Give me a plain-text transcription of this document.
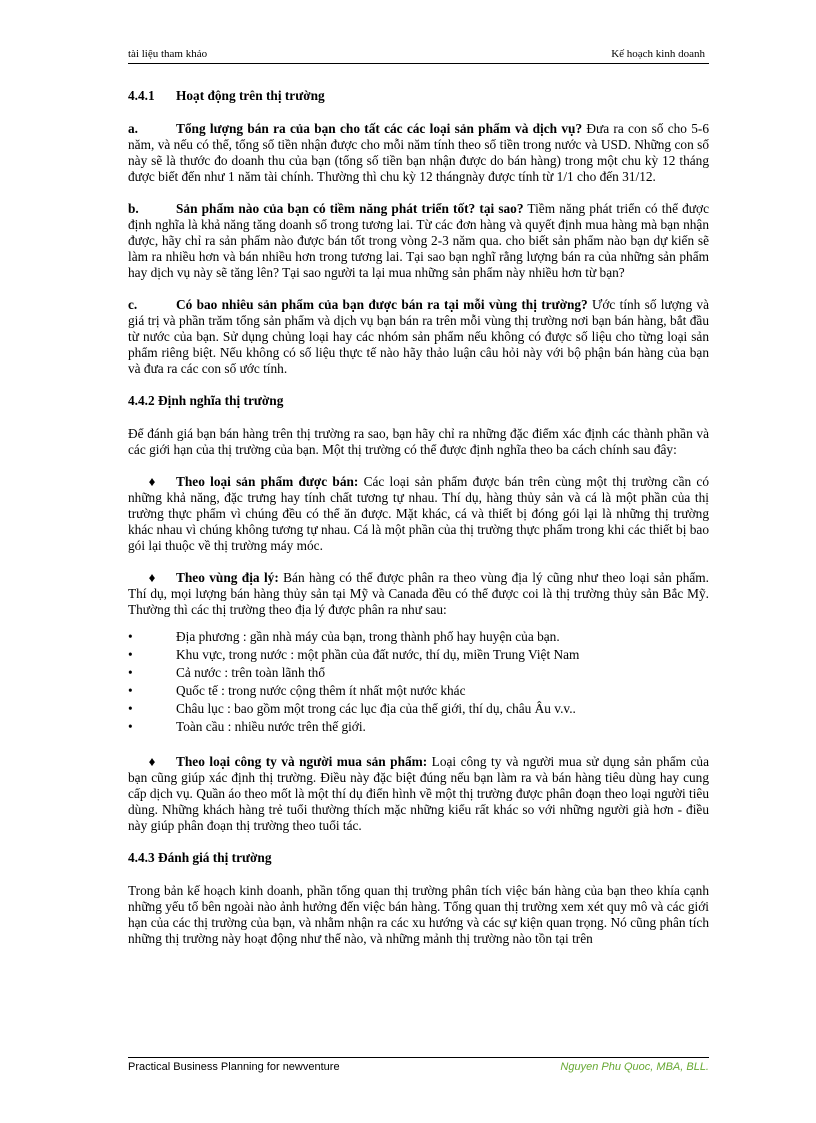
tài liệu tham khảo	Kế hoạch kinh doanh
4.4.1 Hoạt động trên thị trường

a.	Tổng lượng bán ra của bạn cho tất các các loại sản phẩm và dịch vụ? Đưa ra con số cho 5-6 năm, và nếu có thể, tổng số tiền nhận được cho mỗi năm tính theo số tiền trong nước và USD. Những con số này sẽ là thước đo doanh thu của bạn (tổng số tiền bạn nhận được do bán hàng) trong một chu kỳ 12 tháng được biết đến như 1 năm tài chính. Thường thì chu kỳ 12 thángnày được tính từ 1/1 cho đến 31/12.

b.	Sản phẩm nào của bạn có tiềm năng phát triển tốt? tại sao? Tiềm năng phát triển có thể được định nghĩa là khả năng tăng doanh số trong tương lai. Từ các đơn hàng và quyết định mua hàng mà bạn nhận được, hãy chỉ ra sản phẩm nào được bán tốt trong vòng 2-3 năm qua. cho biết sản phẩm nào bạn dự kiến sẽ làm ra nhiều hơn và bán nhiều hơn trong tương lai. Tại sao bạn nghĩ rằng lượng bán ra của những sản phẩm hay dịch vụ này sẽ tăng lên? Tại sao người ta lại mua những sản phẩm này nhiều hơn từ bạn?

c.	Có bao nhiêu sản phẩm của bạn được bán ra tại mỗi vùng thị trường? Ước tính số lượng và giá trị và phần trăm tổng sản phẩm và dịch vụ bạn bán ra trên mỗi vùng thị trường nơi bạn bán hàng, bắt đầu từ nước của bạn. Sử dụng chủng loại hay các nhóm sản phẩm nếu không có được số liệu cho từng loại sản phẩm riêng biệt. Nếu không có số liệu thực tế nào hãy thảo luận câu hỏi này với bộ phận bán hàng của bạn và đưa ra các con số ước tính.

4.4.2 Định nghĩa thị trường

Để đánh giá bạn bán hàng trên thị trường ra sao, bạn hãy chỉ ra những đặc điểm xác định các thành phần và các giới hạn của thị trường của bạn. Một thị trường có thể được định nghĩa theo ba cách chính sau đây:

♦ Theo loại sản phẩm được bán: Các loại sản phẩm được bán trên cùng một thị trường cần có những khả năng, đặc trưng hay tính chất tương tự nhau. Thí dụ, hàng thủy sản và cá là một phần của thị trường thực phẩm vì chúng đều có thể ăn được. Mặt khác, cá và thiết bị đóng gói lại là những thị trường khác nhau vì chúng không tương tự nhau. Cá là một phần của thị trường thực phẩm trong khi các thiết bị bao gói lại thuộc về thị trường máy móc.

♦ Theo vùng địa lý: Bán hàng có thể được phân ra theo vùng địa lý cũng như theo loại sản phẩm. Thí dụ, mọi lượng bán hàng thủy sản tại Mỹ và Canada đều có thể được coi là thị trường thủy sản Bắc Mỹ. Thường thì các thị trường theo địa lý được phân ra như sau:

•	Địa phương : gần nhà máy của bạn, trong thành phố hay huyện của bạn.
•	Khu vực, trong nước : một phần của đất nước, thí dụ, miền Trung Việt Nam
•	Cả nước : trên toàn lãnh thổ
•	Quốc tế : trong nước cộng thêm ít nhất một nước khác
•	Châu lục : bao gồm một trong các lục địa của thế giới, thí dụ, châu Âu v.v..
•	Toàn cầu : nhiều nước trên thế giới.

♦ Theo loại công ty và người mua sản phẩm: Loại công ty và người mua sử dụng sản phẩm của bạn cũng giúp xác định thị trường. Điều này đặc biệt đúng nếu bạn làm ra và bán hàng tiêu dùng hay cung cấp dịch vụ. Quần áo theo mốt là một thí dụ điển hình về một thị trường được phân đoạn theo loại người tiêu dùng. Những khách hàng trẻ tuổi thường thích mặc những kiểu rất khác so với những người già hơn - điều này giúp phân đoạn thị trường theo tuổi tác.

4.4.3 Đánh giá thị trường

Trong bản kế hoạch kinh doanh, phần tổng quan thị trường phân tích việc bán hàng của bạn theo khía cạnh những yếu tố bên ngoài nào ảnh hưởng đến việc bán hàng. Tổng quan thị trường xem xét quy mô và các giới hạn của các thị trường của bạn, và nhằm nhận ra các xu hướng và các sự kiện quan trọng. Nó cũng phân tích những thị trường này hoạt động như thế nào, và những mảnh thị trường nào tồn tại trên

Practical Business Planning for newventure	Nguyen Phu Quoc, MBA, BLL.
